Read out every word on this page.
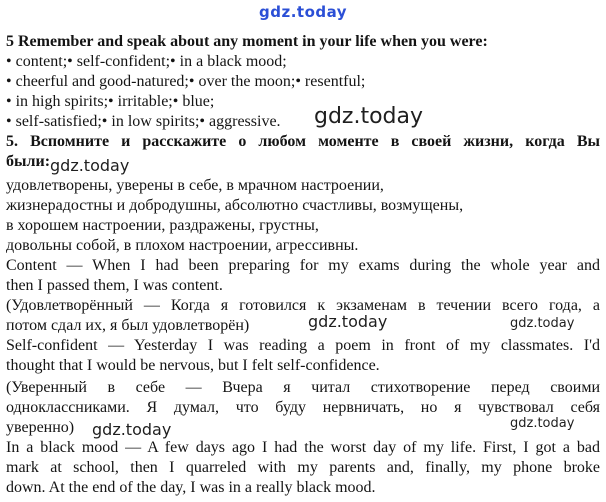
gdz.today
5 Remember and speak about any moment in your life when you were:
• content;• self-confident;• in a black mood;
• cheerful and good-natured;• over the moon;• resentful;
• in high spirits;• irritable;• blue;
• self-satisfied;• in low spirits;• aggressive. gdz.today
5. Вспомните и расскажите о любом моменте в своей жизни, когда Вы
были: gdz.today
удовлетворены, уверены в себе, в мрачном настроении,
жизнерадостны и добродушны, абсолютно счастливы, возмущены,
в хорошем настроении, раздражены, грустны,
довольны собой, в плохом настроении, агрессивны.
Content — When I had been preparing for my exams during the whole year and
then I passed them, I was content.
(Удовлетворённый — Когда я готовился к экзаменам в течении всего года, а
потом сдал их, я был удовлетворён)	gdz.today	gdz.today
Self-confident — Yesterday I was reading a poem in front of my classmates. I'd
thought that I would be nervous, but I felt self-confidence.
(Уверенный в себе — Вчера я читал стихотворение перед своими
одноклассниками. Я думал, что буду нервничать, но я чувствовал себя
уверенно) gdz.today	gdz.today
In a black mood — A few days ago I had the worst day of my life. First, I got a bad
mark at school, then I quarreled with my parents and, finally, my phone broke
down. At the end of the day, I was in a really black mood.
